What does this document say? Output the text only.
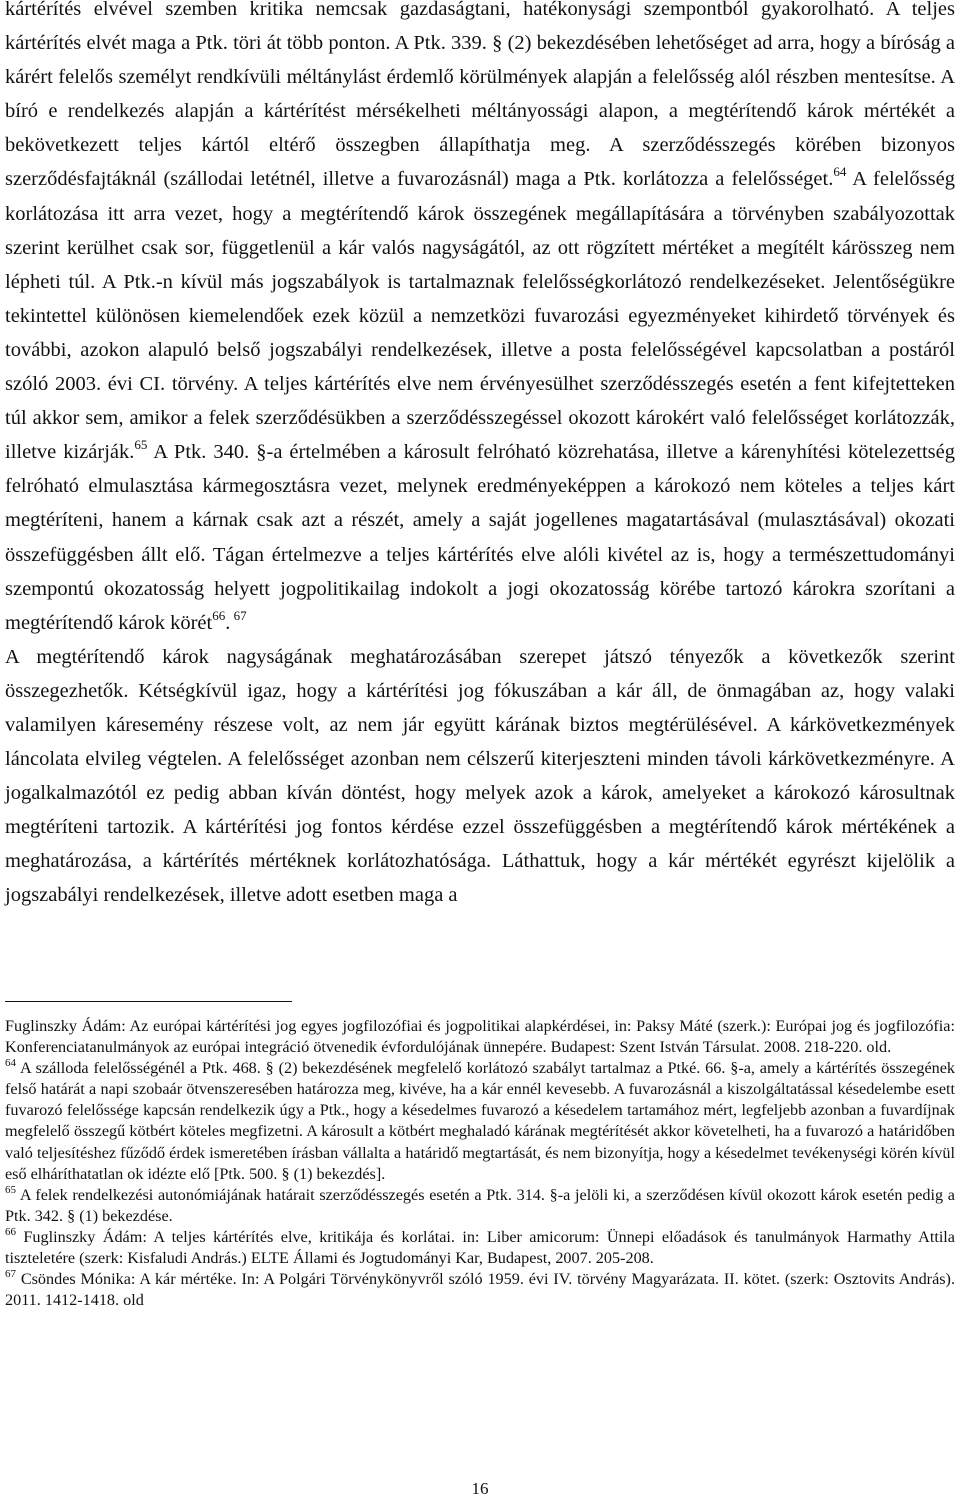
kártérítés elvével szemben kritika nemcsak gazdaságtani, hatékonysági szempontból gyakorolható. A teljes kártérítés elvét maga a Ptk. töri át több ponton. A Ptk. 339. § (2) bekezdésében lehetőséget ad arra, hogy a bíróság a kárért felelős személyt rendkívüli méltánylást érdemlő körülmények alapján a felelősség alól részben mentesítse. A bíró e rendelkezés alapján a kártérítést mérsékelheti méltányossági alapon, a megtérítendő károk mértékét a bekövetkezett teljes kártól eltérő összegben állapíthatja meg. A szerződésszegés körében bizonyos szerződésfajtáknál (szállodai letétnél, illetve a fuvarozásnál) maga a Ptk. korlátozza a felelősséget.$^{64}$ A felelősség korlátozása itt arra vezet, hogy a megtérítendő károk összegének megállapítására a törvényben szabályozottak szerint kerülhet csak sor, függetlenül a kár valós nagyságától, az ott rögzített mértéket a megítélt kárösszeg nem lépheti túl. A Ptk.-n kívül más jogszabályok is tartalmaznak felelősségkorlátozó rendelkezéseket. Jelentőségükre tekintettel különösen kiemelendőek ezek közül a nemzetközi fuvarozási egyezményeket kihirdető törvények és további, azokon alapuló belső jogszabályi rendelkezések, illetve a posta felelősségével kapcsolatban a postáról szóló 2003. évi CI. törvény. A teljes kártérítés elve nem érvényesülhet szerződésszegés esetén a fent kifejtetteken túl akkor sem, amikor a felek szerződésükben a szerződésszegéssel okozott károkért való felelősséget korlátozzák, illetve kizárják.$^{65}$ A Ptk. 340. §-a értelmében a károsult felróható közrehatása, illetve a kárenyhítési kötelezettség felróható elmulasztása kármegosztásra vezet, melynek eredményeképpen a károkozó nem köteles a teljes kárt megtéríteni, hanem a kárnak csak azt a részét, amely a saját jogellenes magatartásával (mulasztásával) okozati összefüggésben állt elő. Tágan értelmezve a teljes kártérítés elve alóli kivétel az is, hogy a természettudományi szempontú okozatosság helyett jogpolitikailag indokolt a jogi okozatosság körébe tartozó károkra szorítani a megtérítendő károk körét$^{66}$. $^{67}$

A megtérítendő károk nagyságának meghatározásában szerepet játszó tényezők a következők szerint összegezhetők. Kétségkívül igaz, hogy a kártérítési jog fókuszában a kár áll, de önmagában az, hogy valaki valamilyen káresemény részese volt, az nem jár együtt kárának biztos megtérülésével. A kárkövetkezmények láncolata elvileg végtelen. A felelősséget azonban nem célszerű kiterjeszteni minden távoli kárkövetkezményre. A jogalkalmazótól ez pedig abban kíván döntést, hogy melyek azok a károk, amelyeket a károkozó károsultnak megtéríteni tartozik. A kártérítési jog fontos kérdése ezzel összefüggésben a megtérítendő károk mértékének a meghatározása, a kártérítés mértéknek korlátozhatósága. Láthattuk, hogy a kár mértékét egyrészt kijelölik a jogszabályi rendelkezések, illetve adott esetben maga a

Fuglinszky Ádám: Az európai kártérítési jog egyes jogfilozófiai és jogpolitikai alapkérdései, in: Paksy Máté (szerk.): Európai jog és jogfilozófia: Konferenciatanulmányok az európai integráció ötvenedik évfordulójának ünnepére. Budapest: Szent István Társulat. 2008. 218-220. old.

$^{64}$ A szálloda felelősségénél a Ptk. 468. § (2) bekezdésének megfelelő korlátozó szabályt tartalmaz a Ptké. 66. §-a, amely a kártérítés összegének felső határát a napi szobaár ötvenszeresében határozza meg, kivéve, ha a kár ennél kevesebb. A fuvarozásnál a kiszolgáltatással késedelembe esett fuvarozó felelőssége kapcsán rendelkezik úgy a Ptk., hogy a késedelmes fuvarozó a késedelem tartamához mért, legfeljebb azonban a fuvardíjnak megfelelő összegű kötbért köteles megfizetni. A károsult a kötbért meghaladó kárának megtérítését akkor követelheti, ha a fuvarozó a határidőben való teljesítéshez fűződő érdek ismeretében írásban vállalta a határidő megtartását, és nem bizonyítja, hogy a késedelmet tevékenységi körén kívül eső elháríthatatlan ok idézte elő [Ptk. 500. § (1) bekezdés].

$^{65}$ A felek rendelkezési autonómiájának határait szerződésszegés esetén a Ptk. 314. §-a jelöli ki, a szerződésen kívül okozott károk esetén pedig a Ptk. 342. § (1) bekezdése.

$^{66}$ Fuglinszky Ádám: A teljes kártérítés elve, kritikája és korlátai. in: Liber amicorum: Ünnepi előadások és tanulmányok Harmathy Attila tiszteletére (szerk: Kisfaludi András.) ELTE Állami és Jogtudományi Kar, Budapest, 2007. 205-208.

$^{67}$ Csöndes Mónika: A kár mértéke. In: A Polgári Törvénykönyvről szóló 1959. évi IV. törvény Magyarázata. II. kötet. (szerk: Osztovits András). 2011. 1412-1418. old

16
